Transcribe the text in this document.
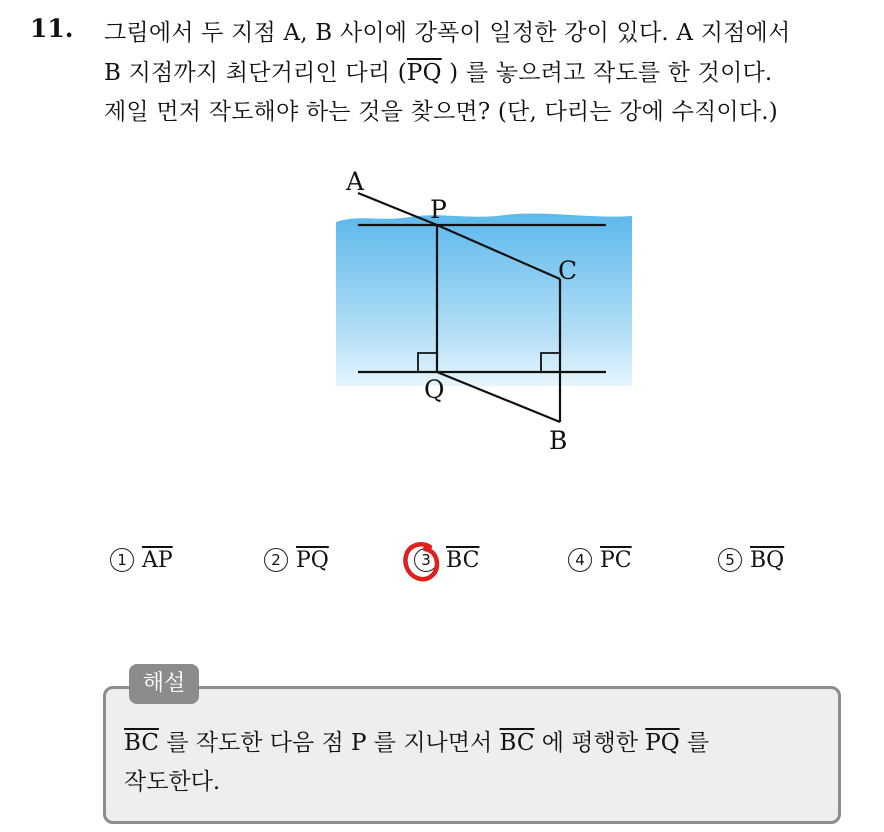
11. 그림에서 두 지점 A, B 사이에 강폭이 일정한 강이 있다. A 지점에서
B 지점까지 최단거리인 다리 ($\overline{PQ}$ ) 를 놓으려고 작도를 한 것이다.
제일 먼저 작도해야 하는 것을 찾으면? (단, 다리는 강에 수직이다.)
A
P
C
Q
B
1 $\overline{AP}$	2 $\overline{PQ}$	3 $\overline{BC}$	4 $\overline{PC}$	5 $\overline{BQ}$
해설
$\overline{BC}$ 를 작도한 다음 점 P 를 지나면서 $\overline{BC}$ 에 평행한 $\overline{PQ}$ 를
작도한다.
